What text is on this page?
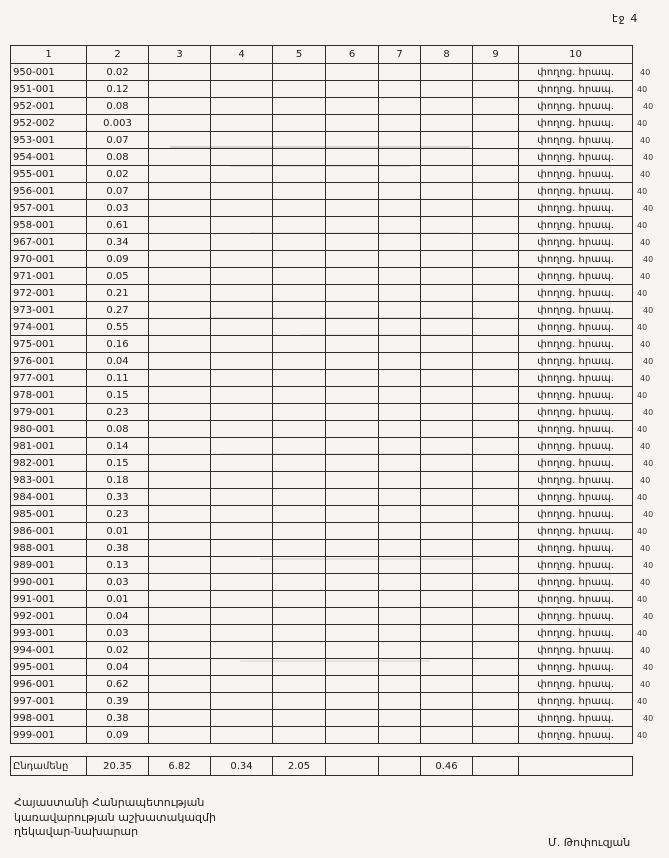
էջ 4
1	2	3	4	5	6	7	8	9	10
950-001	0.02								փողոց. հրապ.
951-001	0.12								փողոց. հրապ.
952-001	0.08								փողոց. հրապ.
952-002	0.003								փողոց. հրապ.
953-001	0.07								փողոց. հրապ.
954-001	0.08								փողոց. հրապ.
955-001	0.02								փողոց. հրապ.
956-001	0.07								փողոց. հրապ.
957-001	0.03								փողոց. հրապ.
958-001	0.61								փողոց. հրապ.
967-001	0.34								փողոց. հրապ.
970-001	0.09								փողոց. հրապ.
971-001	0.05								փողոց. հրապ.
972-001	0.21								փողոց. հրապ.
973-001	0.27								փողոց. հրապ.
974-001	0.55								փողոց. հրապ.
975-001	0.16								փողոց. հրապ.
976-001	0.04								փողոց. հրապ.
977-001	0.11								փողոց. հրապ.
978-001	0.15								փողոց. հրապ.
979-001	0.23								փողոց. հրապ.
980-001	0.08								փողոց. հրապ.
981-001	0.14								փողոց. հրապ.
982-001	0.15								փողոց. հրապ.
983-001	0.18								փողոց. հրապ.
984-001	0.33								փողոց. հրապ.
985-001	0.23								փողոց. հրապ.
986-001	0.01								փողոց. հրապ.
988-001	0.38								փողոց. հրապ.
989-001	0.13								փողոց. հրապ.
990-001	0.03								փողոց. հրապ.
991-001	0.01								փողոց. հրապ.
992-001	0.04								փողոց. հրապ.
993-001	0.03								փողոց. հրապ.
994-001	0.02								փողոց. հրապ.
995-001	0.04								փողոց. հրապ.
996-001	0.62								փողոց. հրապ.
997-001	0.39								փողոց. հրապ.
998-001	0.38								փողոց. հրապ.
999-001	0.09								փողոց. հրապ.
40
40
40
40
40
40
40
40
40
40
40
40
40
40
40
40
40
40
40
40
40
40
40
40
40
40
40
40
40
40
40
40
40
40
40
40
40
40
40
40
Ընդամենը	20.35	6.82	0.34	2.05			0.46		
Հայաստանի Հանրապետության
կառավարության աշխատակազմի
ղեկավար-նախարար
Մ. Թոփուզյան
